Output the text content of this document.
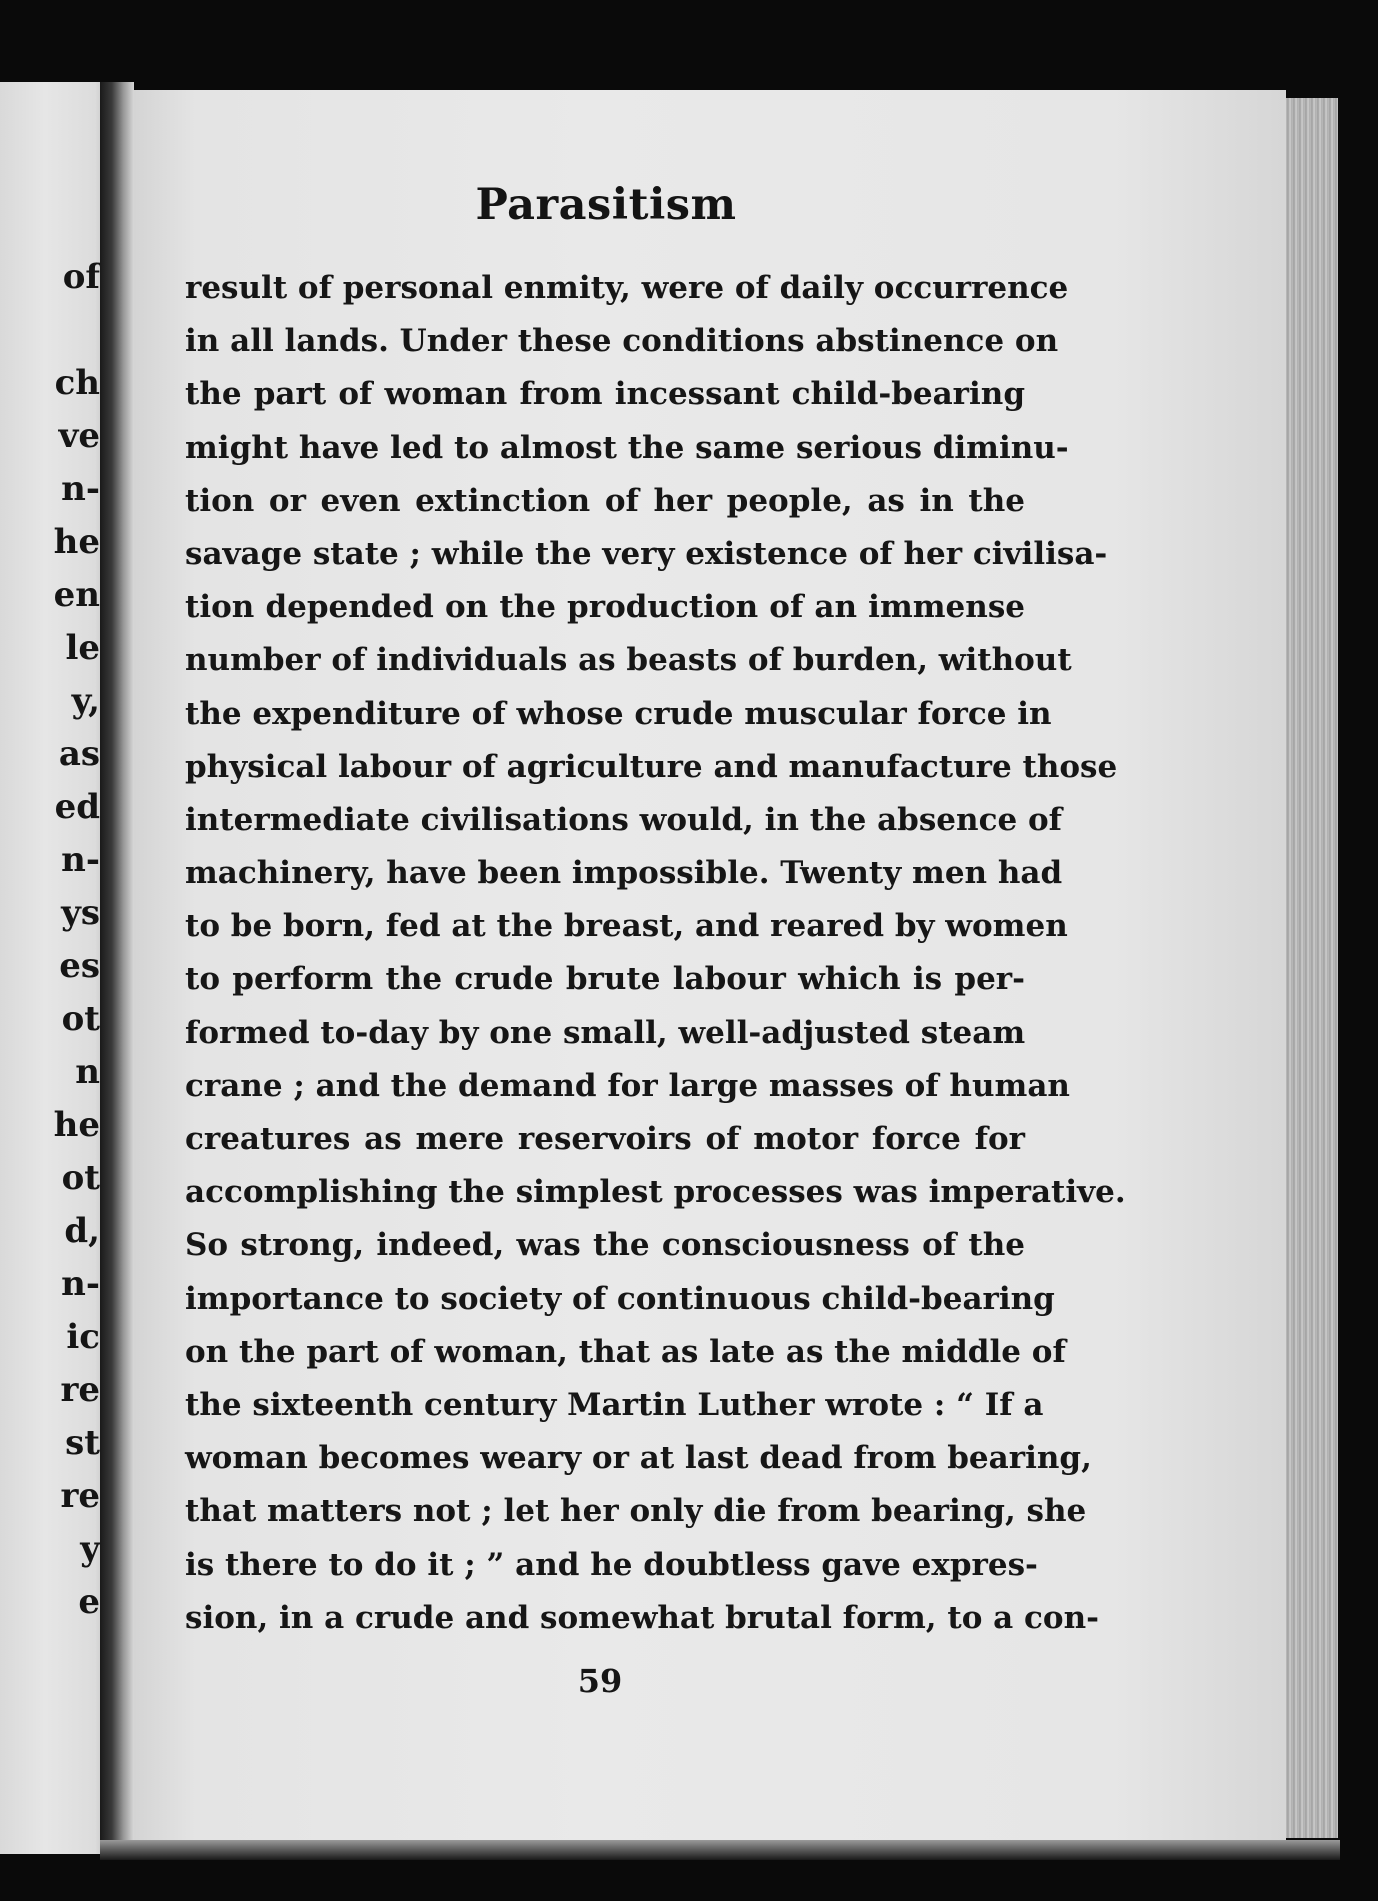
of
ch
ve
n-
he
en
le
y,
as
ed
n-
ys
es
ot
n
he
ot
d,
n-
ic
re
st
re
y
e
Parasitism
result of personal enmity, were of daily occurrence
in all lands. Under these conditions abstinence on
the part of woman from incessant child-bearing
might have led to almost the same serious diminu-
tion or even extinction of her people, as in the
savage state ; while the very existence of her civilisa-
tion depended on the production of an immense
number of individuals as beasts of burden, without
the expenditure of whose crude muscular force in
physical labour of agriculture and manufacture those
intermediate civilisations would, in the absence of
machinery, have been impossible. Twenty men had
to be born, fed at the breast, and reared by women
to perform the crude brute labour which is per-
formed to-day by one small, well-adjusted steam
crane ; and the demand for large masses of human
creatures as mere reservoirs of motor force for
accomplishing the simplest processes was imperative.
So strong, indeed, was the consciousness of the
importance to society of continuous child-bearing
on the part of woman, that as late as the middle of
the sixteenth century Martin Luther wrote : “ If a
woman becomes weary or at last dead from bearing,
that matters not ; let her only die from bearing, she
is there to do it ; ” and he doubtless gave expres-
sion, in a crude and somewhat brutal form, to a con-
59
